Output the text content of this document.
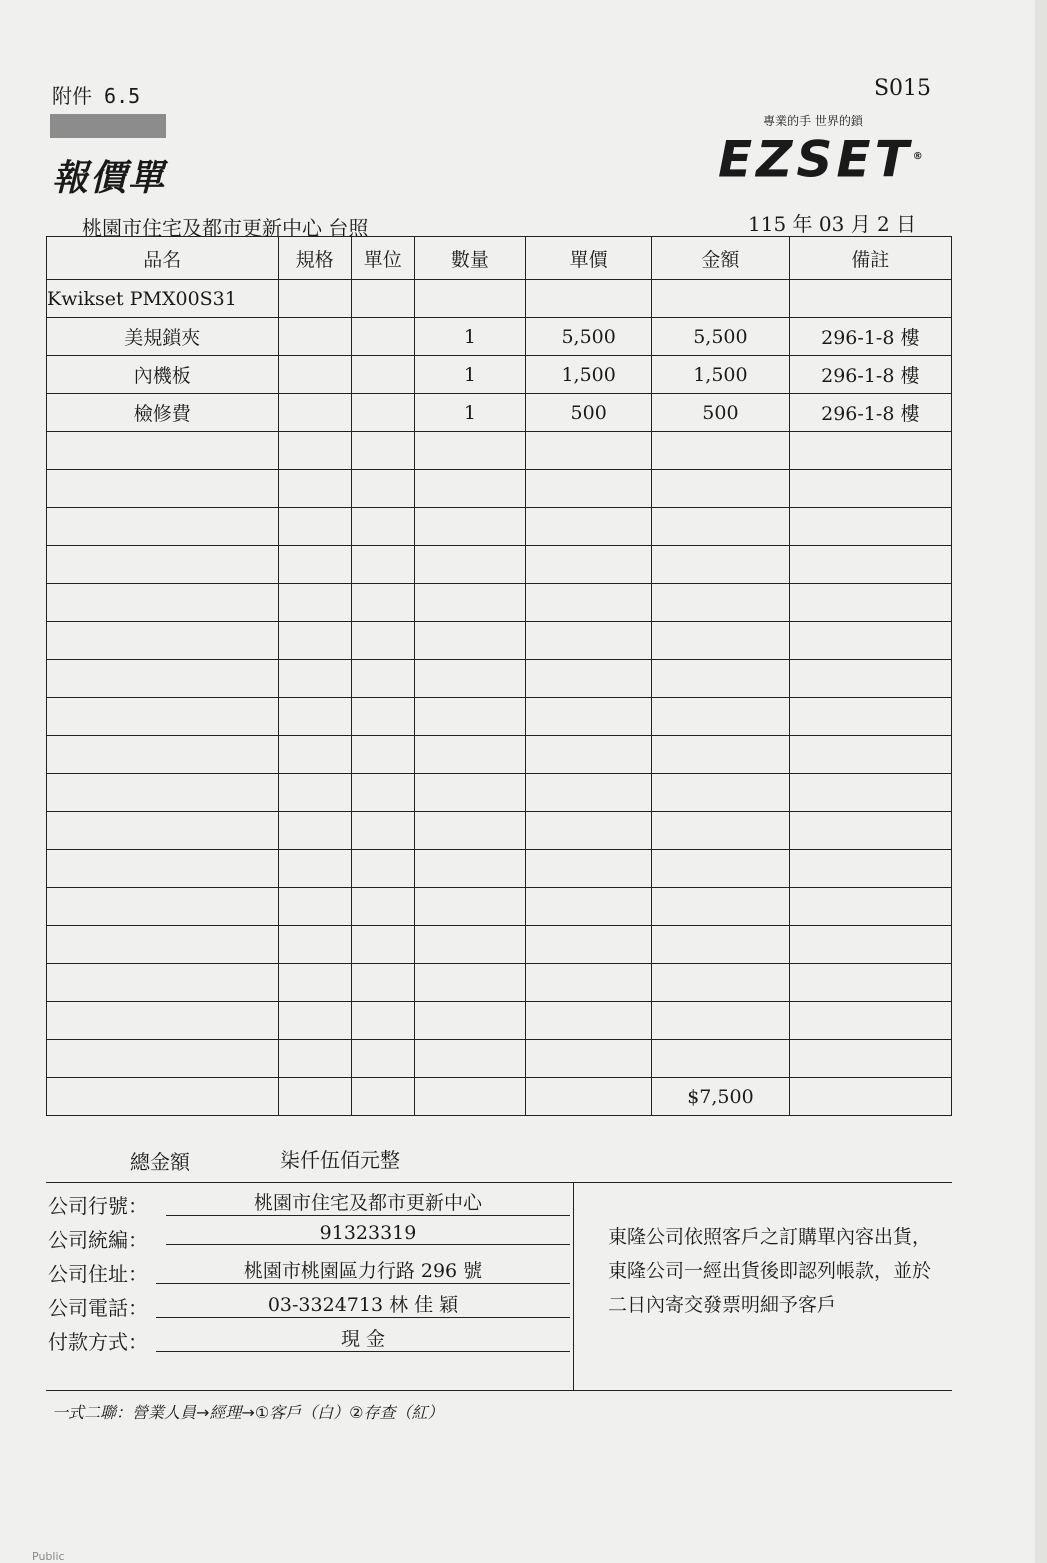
附件 6.5	S015
報價單
專業的手 世界的鎖
EZSET®
桃園市住宅及都市更新中心 台照	115 年 03 月 2 日
品名	規格	單位	數量	單價	金額	備註
Kwikset PMX00S31						
美規鎖夾			1	5,500	5,500	296-1-8 樓
內機板			1	1,500	1,500	296-1-8 樓
檢修費			1	500	500	296-1-8 樓

					$7,500	
總金額	柒仟伍佰元整
公司行號：	桃園市住宅及都市更新中心
公司統編：	91323319
公司住址：	桃園市桃園區力行路 296 號
公司電話：	03-3324713 林 佳 穎
付款方式：	現 金
東隆公司依照客戶之訂購單內容出貨，東隆公司一經出貨後即認列帳款，並於二日內寄交發票明細予客戶
一式二聯：營業人員→經理→①客戶（白）②存查（紅）
Public
